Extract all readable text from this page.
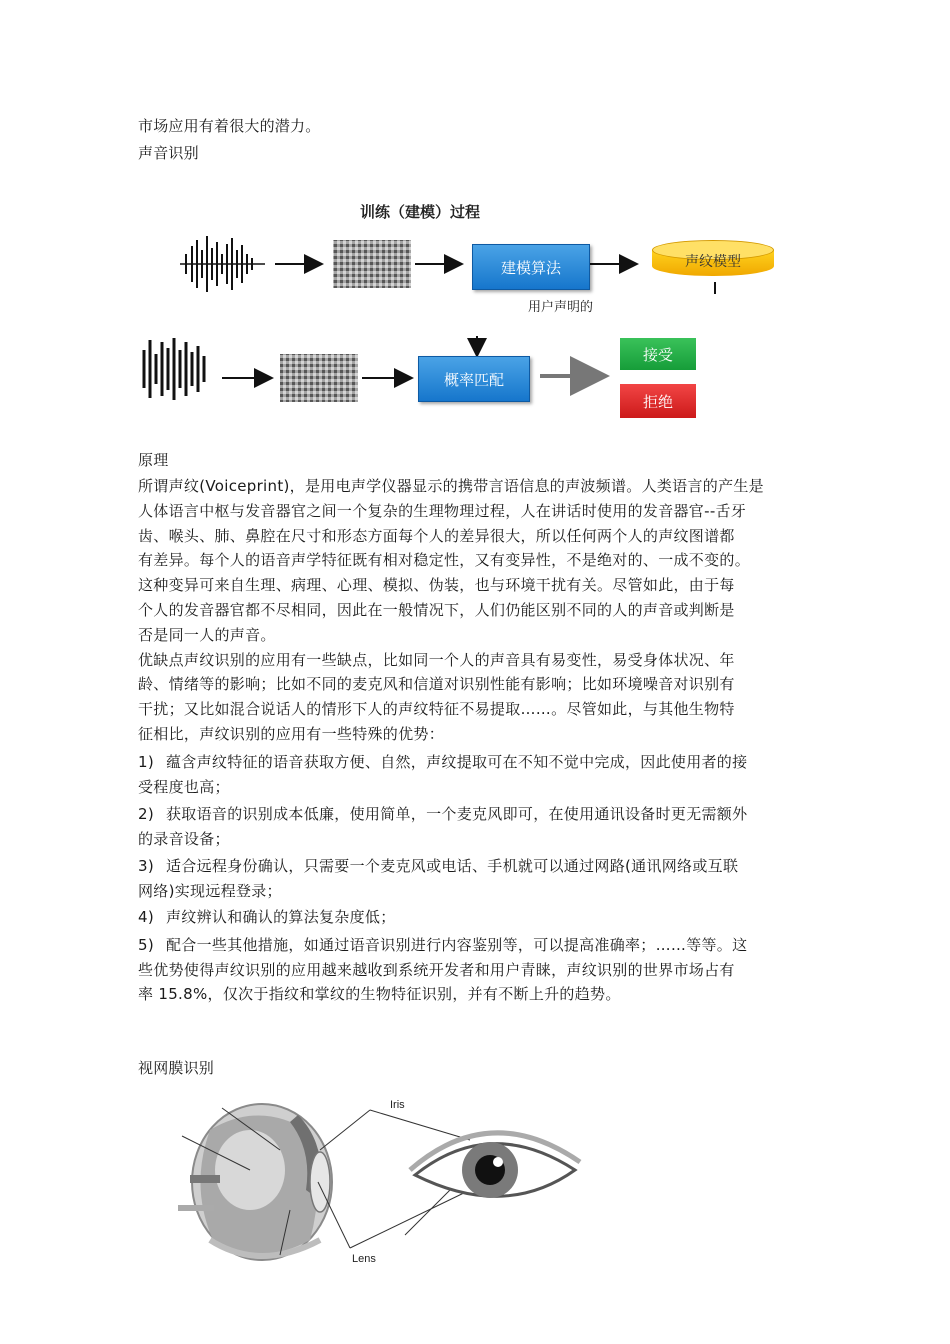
市场应用有着很大的潜力。
声音识别
训练（建模）过程
建模算法	声纹模型
用户声明的
概率匹配
接受
拒绝
原理

所谓声纹(Voiceprint)，是用电声学仪器显示的携带言语信息的声波频谱。人类语言的产生是

人体语言中枢与发音器官之间一个复杂的生理物理过程，人在讲话时使用的发音器官--舌牙

齿、喉头、肺、鼻腔在尺寸和形态方面每个人的差异很大，所以任何两个人的声纹图谱都

有差异。每个人的语音声学特征既有相对稳定性，又有变异性，不是绝对的、一成不变的。

这种变异可来自生理、病理、心理、模拟、伪装，也与环境干扰有关。尽管如此，由于每

个人的发音器官都不尽相同，因此在一般情况下，人们仍能区别不同的人的声音或判断是

否是同一人的声音。

优缺点声纹识别的应用有一些缺点，比如同一个人的声音具有易变性，易受身体状况、年

龄、情绪等的影响；比如不同的麦克风和信道对识别性能有影响；比如环境噪音对识别有

干扰；又比如混合说话人的情形下人的声纹特征不易提取……。尽管如此，与其他生物特

征相比，声纹识别的应用有一些特殊的优势：

1) 蕴含声纹特征的语音获取方便、自然，声纹提取可在不知不觉中完成，因此使用者的接
受程度也高；
2) 获取语音的识别成本低廉，使用简单，一个麦克风即可，在使用通讯设备时更无需额外
的录音设备；
3) 适合远程身份确认，只需要一个麦克风或电话、手机就可以通过网路(通讯网络或互联
网络)实现远程登录；
4) 声纹辨认和确认的算法复杂度低；
5) 配合一些其他措施，如通过语音识别进行内容鉴别等，可以提高准确率；……等等。这
些优势使得声纹识别的应用越来越收到系统开发者和用户青睐，声纹识别的世界市场占有
率 15.8%，仅次于指纹和掌纹的生物特征识别，并有不断上升的趋势。
视网膜识别
Iris
Lens
